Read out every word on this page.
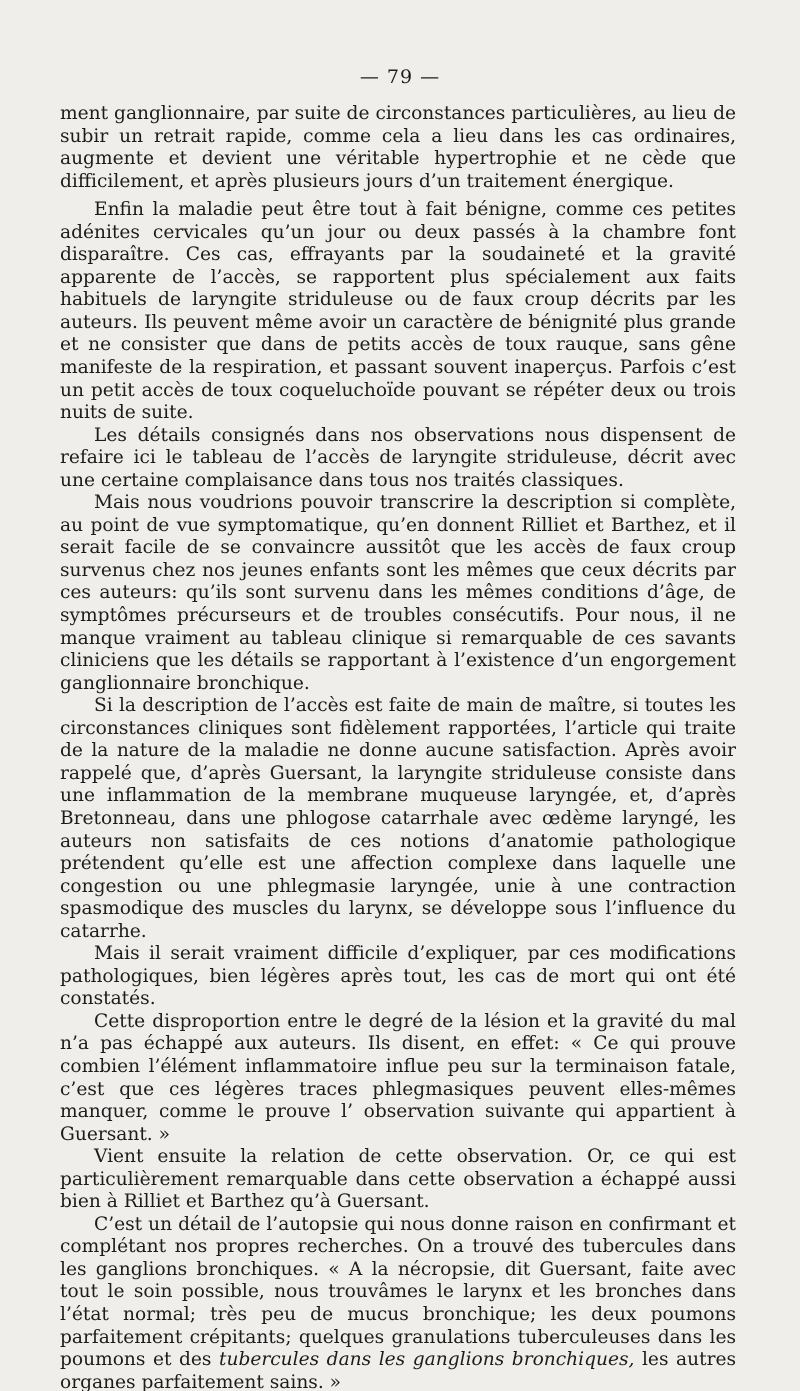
— 79 —

ment ganglionnaire, par suite de circonstances particulières, au lieu de subir un retrait rapide, comme cela a lieu dans les cas ordinaires, augmente et devient une véritable hypertrophie et ne cède que difficilement, et après plusieurs jours d’un traitement énergique.

Enfin la maladie peut être tout à fait bénigne, comme ces petites adénites cervicales qu’un jour ou deux passés à la chambre font disparaître. Ces cas, effrayants par la soudaineté et la gravité apparente de l’accès, se rapportent plus spécialement aux faits habituels de laryngite striduleuse ou de faux croup décrits par les auteurs. Ils peuvent même avoir un caractère de bénignité plus grande et ne consister que dans de petits accès de toux rauque, sans gêne manifeste de la respiration, et passant souvent inaperçus. Parfois c’est un petit accès de toux coqueluchoïde pouvant se répéter deux ou trois nuits de suite.

Les détails consignés dans nos observations nous dispensent de refaire ici le tableau de l’accès de laryngite striduleuse, décrit avec une certaine complaisance dans tous nos traités classiques.

Mais nous voudrions pouvoir transcrire la description si complète, au point de vue symptomatique, qu’en donnent Rilliet et Barthez, et il serait facile de se convaincre aussitôt que les accès de faux croup survenus chez nos jeunes enfants sont les mêmes que ceux décrits par ces auteurs: qu’ils sont survenu dans les mêmes conditions d’âge, de symptômes précurseurs et de troubles consécutifs. Pour nous, il ne manque vraiment au tableau clinique si remarquable de ces savants cliniciens que les détails se rapportant à l’existence d’un engorgement ganglionnaire bronchique.

Si la description de l’accès est faite de main de maître, si toutes les circonstances cliniques sont fidèlement rapportées, l’article qui traite de la nature de la maladie ne donne aucune satisfaction. Après avoir rappelé que, d’après Guersant, la laryngite striduleuse consiste dans une inflammation de la membrane muqueuse laryngée, et, d’après Bretonneau, dans une phlogose catarrhale avec œdème laryngé, les auteurs non satisfaits de ces notions d’anatomie pathologique prétendent qu’elle est une affection complexe dans laquelle une congestion ou une phlegmasie laryngée, unie à une contraction spasmodique des muscles du larynx, se développe sous l’influence du catarrhe.

Mais il serait vraiment difficile d’expliquer, par ces modifications pathologiques, bien légères après tout, les cas de mort qui ont été constatés.

Cette disproportion entre le degré de la lésion et la gravité du mal n’a pas échappé aux auteurs. Ils disent, en effet: « Ce qui prouve combien l’élément inflammatoire influe peu sur la terminaison fatale, c’est que ces légères traces phlegmasiques peuvent elles-mêmes manquer, comme le prouve l’ observation suivante qui appartient à Guersant. »

Vient ensuite la relation de cette observation. Or, ce qui est particulièrement remarquable dans cette observation a échappé aussi bien à Rilliet et Barthez qu’à Guersant.

C’est un détail de l’autopsie qui nous donne raison en confirmant et complétant nos propres recherches. On a trouvé des tubercules dans les ganglions bronchiques. « A la nécropsie, dit Guersant, faite avec tout le soin possible, nous trouvâmes le larynx et les bronches dans l’état normal; très peu de mucus bronchique; les deux poumons parfaitement crépitants; quelques granulations tuberculeuses dans les poumons et des tubercules dans les ganglions bronchiques, les autres organes parfaitement sains. »
